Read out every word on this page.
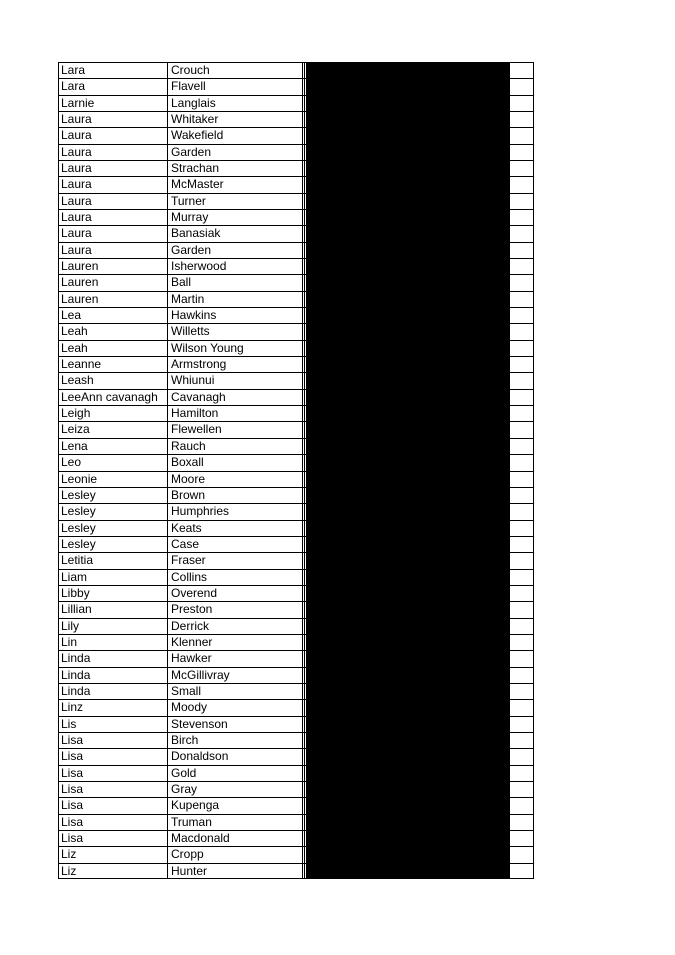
Lara	Crouch
Lara	Flavell
Larnie	Langlais
Laura	Whitaker
Laura	Wakefield
Laura	Garden
Laura	Strachan
Laura	McMaster
Laura	Turner
Laura	Murray
Laura	Banasiak
Laura	Garden
Lauren	Isherwood
Lauren	Ball
Lauren	Martin
Lea	Hawkins
Leah	Willetts
Leah	Wilson Young
Leanne	Armstrong
Leash	Whiunui
LeeAnn cavanagh	Cavanagh
Leigh	Hamilton
Leiza	Flewellen
Lena	Rauch
Leo	Boxall
Leonie	Moore
Lesley	Brown
Lesley	Humphries
Lesley	Keats
Lesley	Case
Letitia	Fraser
Liam	Collins
Libby	Overend
Lillian	Preston
Lily	Derrick
Lin	Klenner
Linda	Hawker
Linda	McGillivray
Linda	Small
Linz	Moody
Lis	Stevenson
Lisa	Birch
Lisa	Donaldson
Lisa	Gold
Lisa	Gray
Lisa	Kupenga
Lisa	Truman
Lisa	Macdonald
Liz	Cropp
Liz	Hunter
